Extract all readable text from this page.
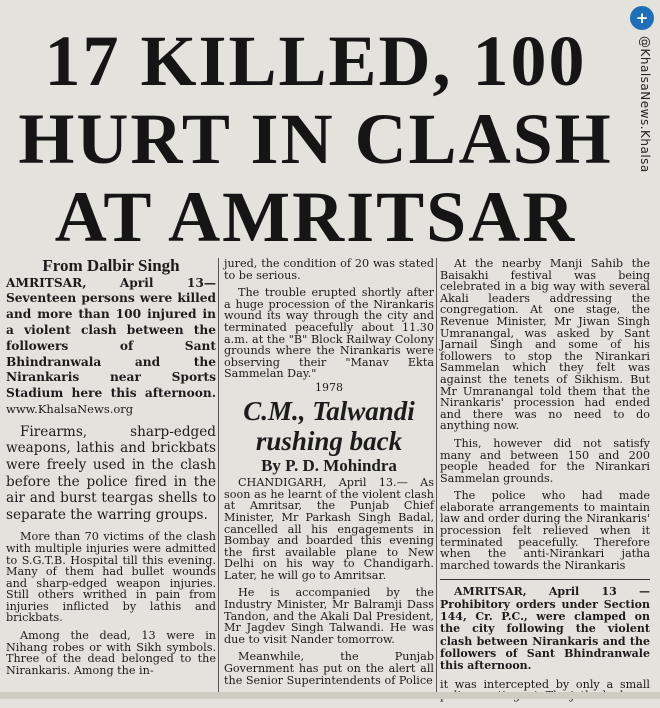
17 KILLED, 100
HURT IN CLASH
AT AMRITSAR
+
@KhalsaNews.Khalsa
From Dalbir Singh
AMRITSAR, April 13—Seventeen persons were killed and more than 100 injured in a violent clash between the followers of Sant Bhindranwala and the Nirankaris near Sports Stadium here this afternoon. www.KhalsaNews.org
Firearms, sharp-edged weapons, lathis and brickbats were freely used in the clash before the police fired in the air and burst teargas shells to separate the warring groups.

More than 70 victims of the clash with multiple injuries were admitted to S.G.T.B. Hospital till this evening. Many of them had bullet wounds and sharp-edged weapon injuries. Still others writhed in pain from injuries inflicted by lathis and brickbats.

Among the dead, 13 were in Nihang robes or with Sikh symbols. Three of the dead belonged to the Nirankaris. Among the in-

jured, the condition of 20 was stated to be serious.

The trouble erupted shortly after a huge procession of the Nirankaris wound its way through the city and terminated peacefully about 11.30 a.m. at the "B" Block Railway Colony grounds where the Nirankaris were observing their "Manav Ekta Sammelan Day."

1978
C.M., Talwandi rushing back
By P. D. Mohindra

CHANDIGARH, April 13.— As soon as he learnt of the violent clash at Amritsar, the Punjab Chief Minister, Mr Parkash Singh Badal, cancelled all his engagements in Bombay and boarded this evening the first available plane to New Delhi on his way to Chandigarh. Later, he will go to Amritsar.

He is accompanied by the Industry Minister, Mr Balramji Dass Tandon, and the Akali Dal President, Mr Jagdev Singh Talwandi. He was due to visit Nander tomorrow.

Meanwhile, the Punjab Government has put on the alert all the Senior Superintendents of Police

At the nearby Manji Sahib the Baisakhi festival was being celebrated in a big way with several Akali leaders addressing the congregation. At one stage, the Revenue Minister, Mr Jiwan Singh Umranangal, was asked by Sant Jarnail Singh and some of his followers to stop the Nirankari Sammelan which they felt was against the tenets of Sikhism. But Mr Umranangal told them that the Nirankaris' procession had ended and there was no need to do anything now.

This, however did not satisfy many and between 150 and 200 people headed for the Nirankari Sammelan grounds.

The police who had made elaborate arrangements to maintain law and order during the Nirankaris' procession felt relieved when it terminated peacefully. Therefore when the anti-Nirankari jatha marched towards the Nirankaris

AMRITSAR, April 13 — Prohibitory orders under Section 144, Cr. P.C., were clamped on the city following the violent clash between Nirankaris and the followers of Sant Bhindranwale this afternoon.

it was intercepted by only a small
